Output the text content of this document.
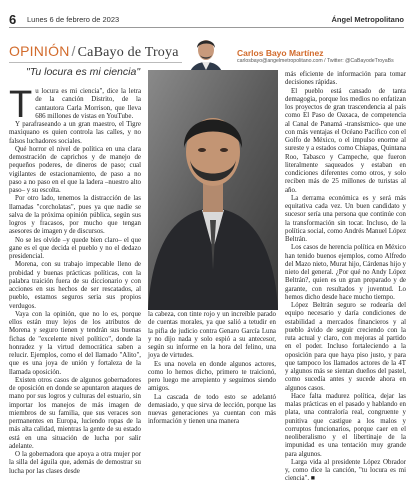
6 Lunes 6 de febrero de 2023	Ángel Metropolitano
OPINIÓN / CaBayo de Troya	Carlos Bayo Martínez
carlosbayo@angelmetropolitano.com / Twitter: @CaBayodeTroyaBs
"Tu locura es mi ciencia"

Tu locura es mi ciencia", dice la letra de la canción Distrito, de la cantautora Carla Morrison, que lleva 686 millones de vistas en YouTube.

Y parafraseando a un gran maestro, el Tigre maxiquano es quien controla las calles, y no falsos luchadores sociales.

Qué horror el nivel de política en una clara demostración de caprichos y de manejo de pequeños poderes, de dineros de paso; cual vigilantes de estacionamiento, de paso a no paso a no paso en el que la ladera –nuestro alto paso– y su escolta.

Por otro lado, tenemos la distracción de las llamadas "corcholatas", pues ya que nadie se salva de la próxima opinión pública, según sus logros y fracasos, por mucho que tengan asesores de imagen y de discursos.

No se les olvide –y quede bien claro– el que gane es el que decida el pueblo y no el dedazo presidencial.

Morena, con su trabajo impecable lleno de probidad y buenas prácticas políticas, con la palabra traición fuera de su diccionario y con acciones en sus hechos de ser rescatados, al pueblo, estamos seguros seria sus propios verdugos.

Vaya con la opinión, que no lo es, porque ellos están muy lejos de los atributos de Morena y seguro tienen y tendrán sus buenas fichas de "excelente nivel político", donde la honradez y la virtud democrática saben a relucir. Ejemplos, como el del llamado "Alito", que es una joya de unión y fortaleza de la llamada oposición.

Existen otros casos de algunos gobernadores de oposición en donde se apuntaron ataques de mano por sus logros y culturas del estuario, sin importar los manejos de más imagen de miembros de su familia, que sus veraces son permanentes en Europa, luciendo ropas de la más alta calidad, mientras la gente de su estado está en una situación de lucha por salir adelante.

O la gobernadora que apoya a otra mujer por la silla del águila que, además de demostrar su lucha por las clases desde

la cabeza, con tinte rojo y un increíble parado de cuentas morales, ya que salió a tetudir en la pifia de judicio contra Genaro García Luna y no dijo nada y solo espió a su antecesor, según su informe en la hora del felino, una joya de virtudes.

Es una novela en donde algunos actores, como lo hemos dicho, primero te traicionó, pero luego me arrepiento y seguimos siendo amigos.

La cascada de todo esto se adelantó demasiado, y que sirva de lección, porque las nuevas generaciones ya cuentan con más información y tienen una manera

más eficiente de información para tomar decisiones rápidas.

El pueblo está cansado de tanta demagogia, porque los medios no enfatizan los proyectos de gran trascendencia al país como El Paso de Oaxaca, de competencia al Canal de Panamá -transísmico- que une con más ventajas el Océano Pacífico con el Golfo de México, o el impulso enorme al sureste y a estados como Chiapas, Quintana Roo, Tabasco y Campeche, que fueron literalmente saqueados y estaban en condiciones diferentes como otros, y solo reciben más de 25 millones de turistas al año.

La derrama económica es y será más equitativa cada vez. Un buen candidato y sucesor sería una persona que continúe con la transformación sin tocar. Incluso, de la política social, como Andrés Manuel López Beltrán.

Los casos de herencia política en México han tenido buenos ejemplos, como Alfredo del Mazo nieto, Murat hijo, Cárdenas hijo y nieto del general. ¿Por qué no Andy López Beltrán?, quien es un gran preparado y de garante, con resultados y juventud. Lo hemos dicho desde hace mucho tiempo.

López Beltrán seguro se rodearía del equipo necesario y daría condiciones de estabilidad a mercados financieros y al pueblo ávido de seguir creciendo con la ruta actual y claro, con mejoras al partido en el poder. Incluso fortaleciendo a la oposición para que haya piso justo, y para que tampoco los llamados actores de la 4T y algunos más se sientan dueños del pastel, como sucedía antes y sucede ahora en algunos casos.

Hace falta madurez política, dejar las malas prácticas en el pasado y hablando en plata, una contraloría real, congruente y punitiva que castigue a los malos y corruptos funcionarios, porque caer en el neoliberalismo y el libertinaje de la impunidad es una tentación muy grande para algunos.

Larga vida al presidente López Obrador y, como dice la canción, "tu locura es mi ciencia". ■
